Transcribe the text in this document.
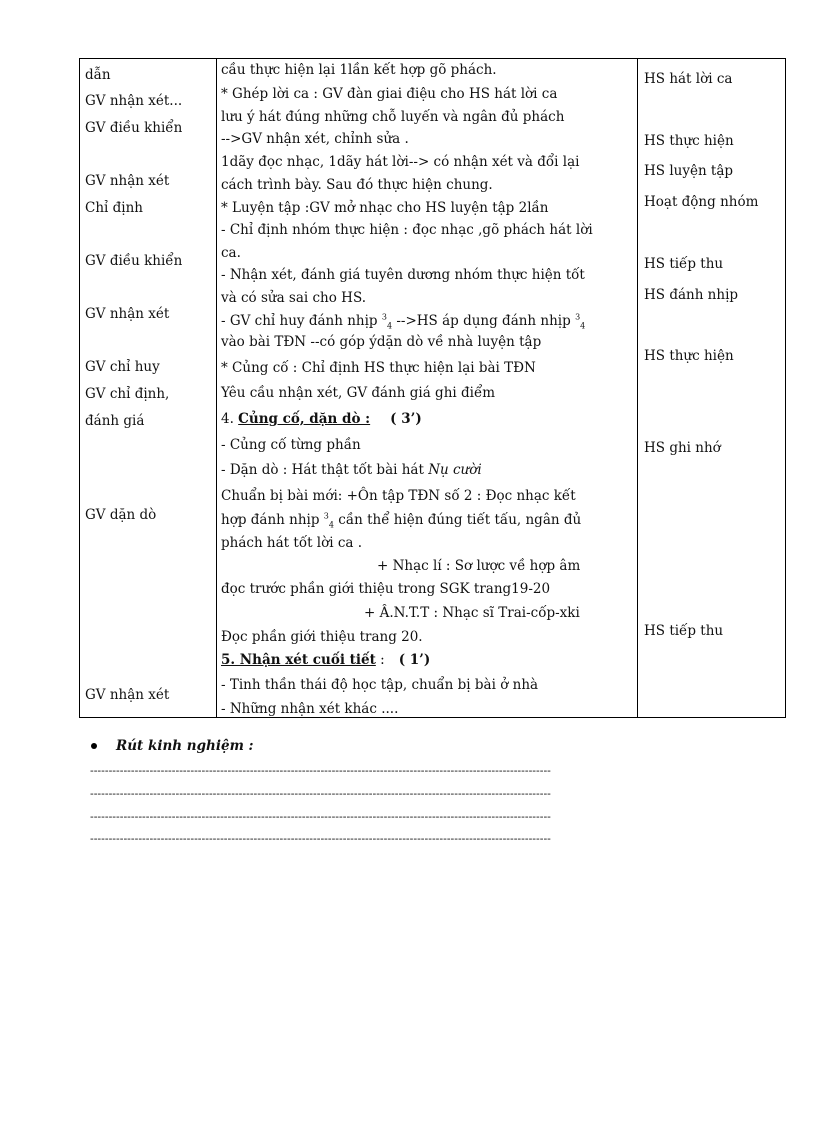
dẫn
GV nhận xét...
GV điều khiển
GV nhận xét
Chỉ định
GV điều khiển
GV nhận xét
GV chỉ huy
GV chỉ định,
đánh giá
GV dặn dò
GV nhận xét
cầu thực hiện lại 1lần kết hợp gõ phách.
* Ghép lời ca : GV đàn giai điệu cho HS hát lời ca
lưu ý hát đúng những chỗ luyến và ngân đủ phách
-->GV nhận xét, chỉnh sửa .
1dãy đọc nhạc, 1dãy hát lời--> có nhận xét và đổi lại
cách trình bày. Sau đó thực hiện chung.
* Luyện tập :GV mở nhạc cho HS luyện tập 2lần
- Chỉ định nhóm thực hiện : đọc nhạc ,gõ phách hát lời
ca.
- Nhận xét, đánh giá tuyên dương nhóm thực hiện tốt
và có sửa sai cho HS.
- GV chỉ huy đánh nhịp $^3_4$ -->HS áp dụng đánh nhịp $^3_4$
vào bài TĐN --có góp ýdặn dò về nhà luyện tập
* Củng cố : Chỉ định HS thực hiện lại bài TĐN
Yêu cầu nhận xét, GV đánh giá ghi điểm
4. Củng cố, dặn dò : ( 3’)
- Củng cố từng phần
- Dặn dò : Hát thật tốt bài hát Nụ cười
Chuẩn bị bài mới: +Ôn tập TĐN số 2 : Đọc nhạc kết
hợp đánh nhịp $^3_4$ cần thể hiện đúng tiết tấu, ngân đủ
phách hát tốt lời ca .
+ Nhạc lí : Sơ lược về hợp âm
đọc trước phần giới thiệu trong SGK trang19-20
+ Â.N.T.T : Nhạc sĩ Trai-cốp-xki
Đọc phần giới thiệu trang 20.
5. Nhận xét cuối tiết : ( 1’)
- Tinh thần thái độ học tập, chuẩn bị bài ở nhà
- Những nhận xét khác ....
HS hát lời ca
HS thực hiện
HS luyện tập
Hoạt động nhóm
HS tiếp thu
HS đánh nhịp
HS thực hiện
HS ghi nhớ
HS tiếp thu
Rút kinh nghiệm :
----------------------------------------------------------------------------------------------------------------------------
----------------------------------------------------------------------------------------------------------------------------
----------------------------------------------------------------------------------------------------------------------------
----------------------------------------------------------------------------------------------------------------------------
